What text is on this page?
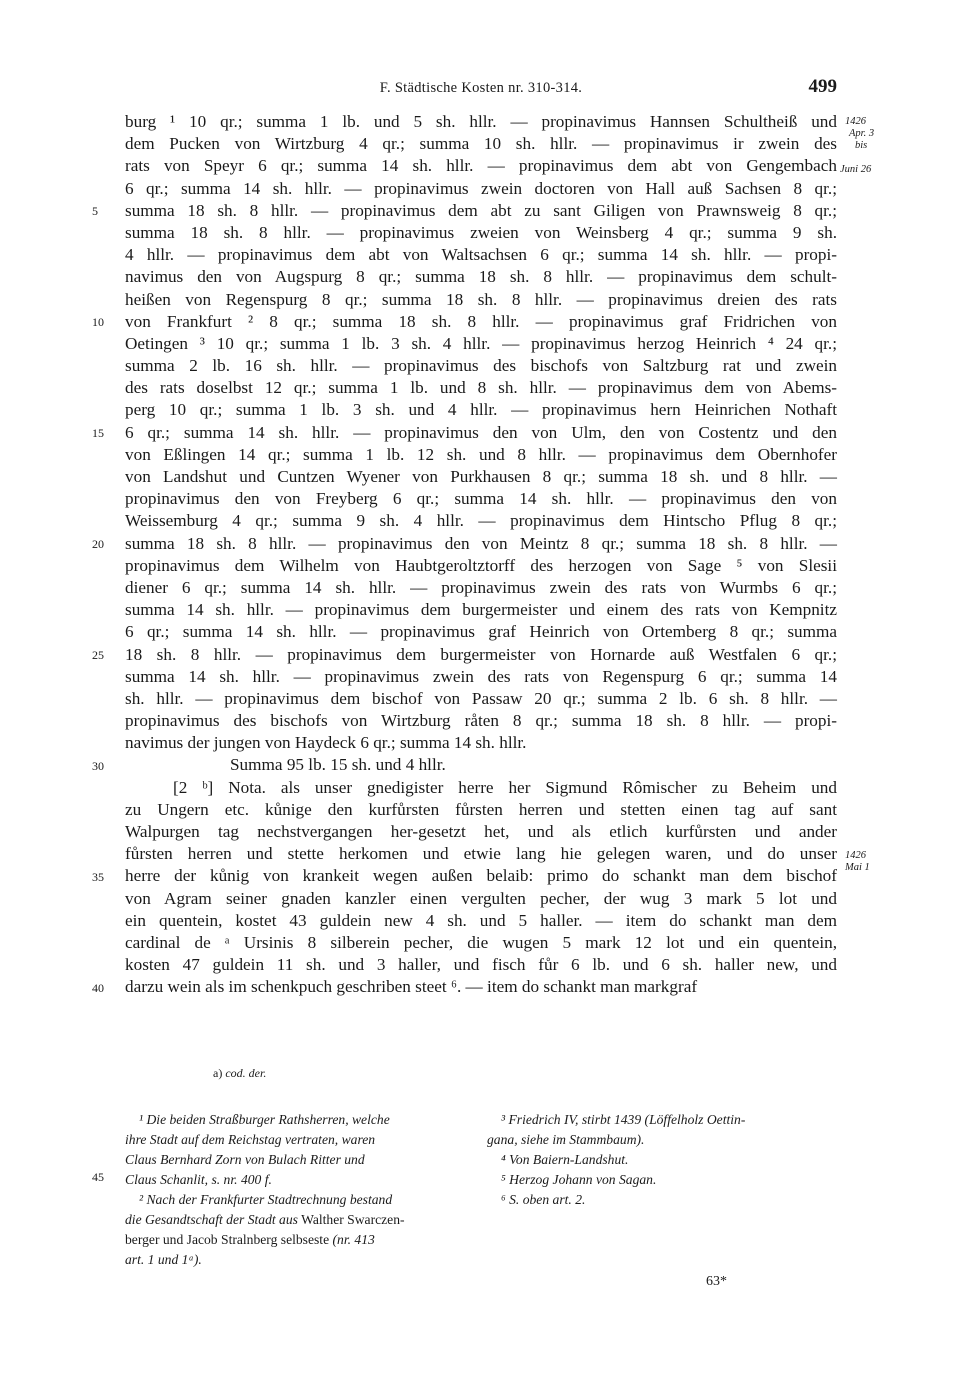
F. Städtische Kosten nr. 310-314.	499
burg ¹ 10 qr.; summa 1 lb. und 5 sh. hllr. — propinavimus Hannsen Schultheiß und
dem Pucken von Wirtzburg 4 qr.; summa 10 sh. hllr. — propinavimus ir zwein des
rats von Speyr 6 qr.; summa 14 sh. hllr. — propinavimus dem abt von Gengembach
6 qr.; summa 14 sh. hllr. — propinavimus zwein doctoren von Hall auß Sachsen 8 qr.;
summa 18 sh. 8 hllr. — propinavimus dem abt zu sant Giligen von Prawnsweig 8 qr.;
summa 18 sh. 8 hllr. — propinavimus zweien von Weinsberg 4 qr.; summa 9 sh.
4 hllr. — propinavimus dem abt von Waltsachsen 6 qr.; summa 14 sh. hllr. — propi-
navimus den von Augspurg 8 qr.; summa 18 sh. 8 hllr. — propinavimus dem schult-
heißen von Regenspurg 8 qr.; summa 18 sh. 8 hllr. — propinavimus dreien des rats
von Frankfurt ² 8 qr.; summa 18 sh. 8 hllr. — propinavimus graf Fridrichen von
Oetingen ³ 10 qr.; summa 1 lb. 3 sh. 4 hllr. — propinavimus herzog Heinrich ⁴ 24 qr.;
summa 2 lb. 16 sh. hllr. — propinavimus des bischofs von Saltzburg rat und zwein
des rats doselbst 12 qr.; summa 1 lb. und 8 sh. hllr. — propinavimus dem von Abems-
perg 10 qr.; summa 1 lb. 3 sh. und 4 hllr. — propinavimus hern Heinrichen Nothaft
6 qr.; summa 14 sh. hllr. — propinavimus den von Ulm, den von Costentz und den
von Eßlingen 14 qr.; summa 1 lb. 12 sh. und 8 hllr. — propinavimus dem Obernhofer
von Landshut und Cuntzen Wyener von Purkhausen 8 qr.; summa 18 sh. und 8 hllr. —
propinavimus den von Freyberg 6 qr.; summa 14 sh. hllr. — propinavimus den von
Weissemburg 4 qr.; summa 9 sh. 4 hllr. — propinavimus dem Hintscho Pflug 8 qr.;
summa 18 sh. 8 hllr. — propinavimus den von Meintz 8 qr.; summa 18 sh. 8 hllr. —
propinavimus dem Wilhelm von Haubtgeroltztorff des herzogen von Sage ⁵ von Slesii
diener 6 qr.; summa 14 sh. hllr. — propinavimus zwein des rats von Wurmbs 6 qr.;
summa 14 sh. hllr. — propinavimus dem burgermeister und einem des rats von Kempnitz
6 qr.; summa 14 sh. hllr. — propinavimus graf Heinrich von Ortemberg 8 qr.; summa
18 sh. 8 hllr. — propinavimus dem burgermeister von Hornarde auß Westfalen 6 qr.;
summa 14 sh. hllr. — propinavimus zwein des rats von Regenspurg 6 qr.; summa 14
sh. hllr. — propinavimus dem bischof von Passaw 20 qr.; summa 2 lb. 6 sh. 8 hllr. —
propinavimus des bischofs von Wirtzburg råten 8 qr.; summa 18 sh. 8 hllr. — propi-
navimus der jungen von Haydeck 6 qr.; summa 14 sh. hllr.
Summa 95 lb. 15 sh. und 4 hllr.
[2 ᵇ] Nota. als unser gnedigister herre her Sigmund Rômischer zu Beheim und
zu Ungern etc. kůnige den kurfůrsten fůrsten herren und stetten einen tag auf sant
Walpurgen tag nechstvergangen her-gesetzt het, und als etlich kurfůrsten und ander
fůrsten herren und stette herkomen und etwie lang hie gelegen waren, und do unser
herre der kůnig von krankeit wegen außen belaib: primo do schankt man dem bischof
von Agram seiner gnaden kanzler einen vergulten pecher, der wug 3 mark 5 lot und
ein quentein, kostet 43 guldein new 4 sh. und 5 haller. — item do schankt man dem
cardinal de ᵃ Ursinis 8 silberein pecher, die wugen 5 mark 12 lot und ein quentein,
kosten 47 guldein 11 sh. und 3 haller, und fisch fůr 6 lb. und 6 sh. haller new, und
darzu wein als im schenkpuch geschriben steet ⁶. — item do schankt man markgraf
5
10
15
20
25
30
35
40
1426
Apr. 3
bis
Juni 26
1426
Mai 1
a) cod. der.

¹ Die beiden Straßburger Rathsherren, welche

ihre Stadt auf dem Reichstag vertraten, waren

Claus Bernhard Zorn von Bulach Ritter und

Claus Schanlit, s. nr. 400 f.

² Nach der Frankfurter Stadtrechnung bestand

die Gesandtschaft der Stadt aus Walther Swarczen-

berger und Jacob Stralnberg selbseste (nr. 413

art. 1 und 1ᵃ).

45

³ Friedrich IV, stirbt 1439 (Löffelholz Oettin-

gana, siehe im Stammbaum).

⁴ Von Baiern-Landshut.

⁵ Herzog Johann von Sagan.

⁶ S. oben art. 2.

63*
